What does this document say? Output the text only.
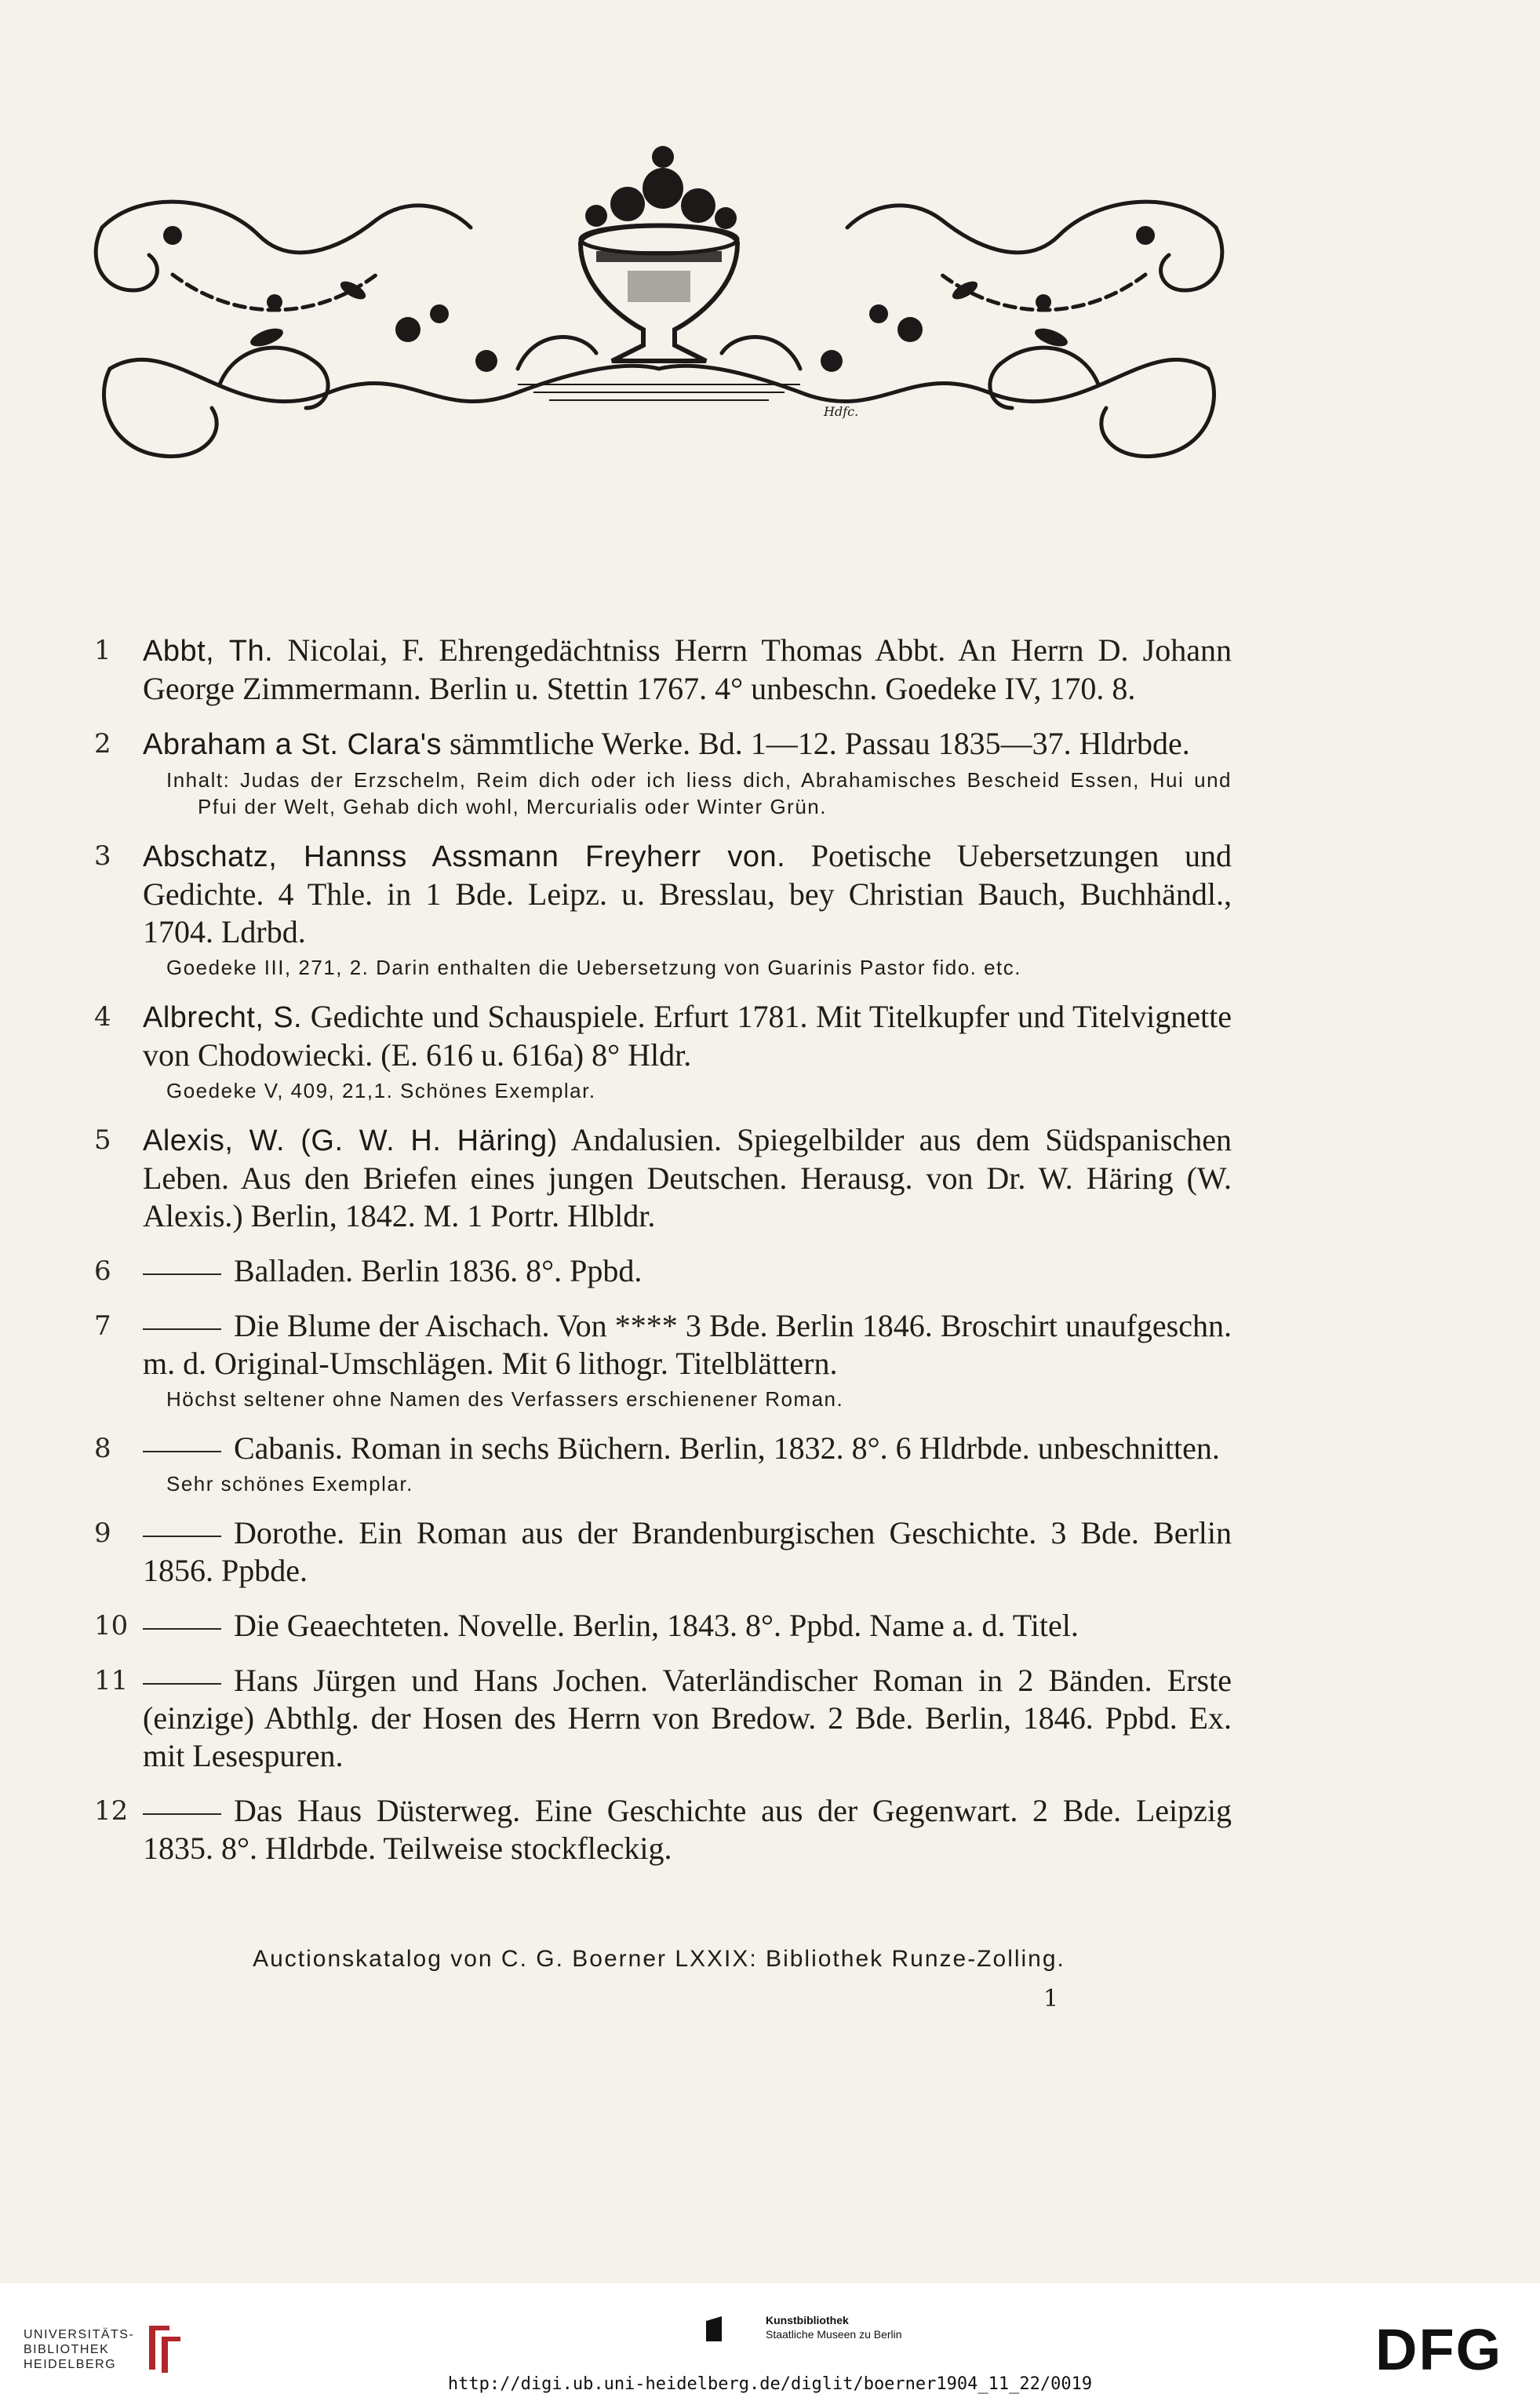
Hdfc.
1	Abbt, Th. Nicolai, F. Ehrengedächtniss Herrn Thomas Abbt. An Herrn D. Johann George Zimmermann. Berlin u. Stettin 1767. 4° unbeschn. Goedeke IV, 170. 8.
2	Abraham a St. Clara's sämmtliche Werke. Bd. 1—12. Passau 1835—37. Hldrbde.
Inhalt: Judas der Erzschelm, Reim dich oder ich liess dich, Abrahamisches Bescheid Essen, Hui und Pfui der Welt, Gehab dich wohl, Mercurialis oder Winter Grün.
3	Abschatz, Hannss Assmann Freyherr von. Poetische Uebersetzungen und Gedichte. 4 Thle. in 1 Bde. Leipz. u. Bresslau, bey Christian Bauch, Buchhändl., 1704. Ldrbd.
Goedeke III, 271, 2. Darin enthalten die Uebersetzung von Guarinis Pastor fido. etc.
4	Albrecht, S. Gedichte und Schauspiele. Erfurt 1781. Mit Titelkupfer und Titelvignette von Chodowiecki. (E. 616 u. 616a) 8° Hldr.
Goedeke V, 409, 21,1. Schönes Exemplar.
5	Alexis, W. (G. W. H. Häring) Andalusien. Spiegelbilder aus dem Südspanischen Leben. Aus den Briefen eines jungen Deutschen. Herausg. von Dr. W. Häring (W. Alexis.) Berlin, 1842. M. 1 Portr. Hlbldr.
6	Balladen. Berlin 1836. 8°. Ppbd.
7	Die Blume der Aischach. Von **** 3 Bde. Berlin 1846. Broschirt unaufgeschn. m. d. Original-Umschlägen. Mit 6 lithogr. Titelblättern.
Höchst seltener ohne Namen des Verfassers erschienener Roman.
8	Cabanis. Roman in sechs Büchern. Berlin, 1832. 8°. 6 Hldrbde. unbeschnitten.
Sehr schönes Exemplar.
9	Dorothe. Ein Roman aus der Brandenburgischen Geschichte. 3 Bde. Berlin 1856. Ppbde.
10	Die Geaechteten. Novelle. Berlin, 1843. 8°. Ppbd. Name a. d. Titel.
11	Hans Jürgen und Hans Jochen. Vaterländischer Roman in 2 Bänden. Erste (einzige) Abthlg. der Hosen des Herrn von Bredow. 2 Bde. Berlin, 1846. Ppbd. Ex. mit Lesespuren.
12	Das Haus Düsterweg. Eine Geschichte aus der Gegenwart. 2 Bde. Leipzig 1835. 8°. Hldrbde. Teilweise stockfleckig.
Auctionskatalog von C. G. Boerner LXXIX: Bibliothek Runze-Zolling.
1
UNIVERSITÄTS-
BIBLIOTHEK
HEIDELBERG
Kunstbibliothek
Staatliche Museen zu Berlin	DFG
http://digi.ub.uni-heidelberg.de/diglit/boerner1904_11_22/0019
